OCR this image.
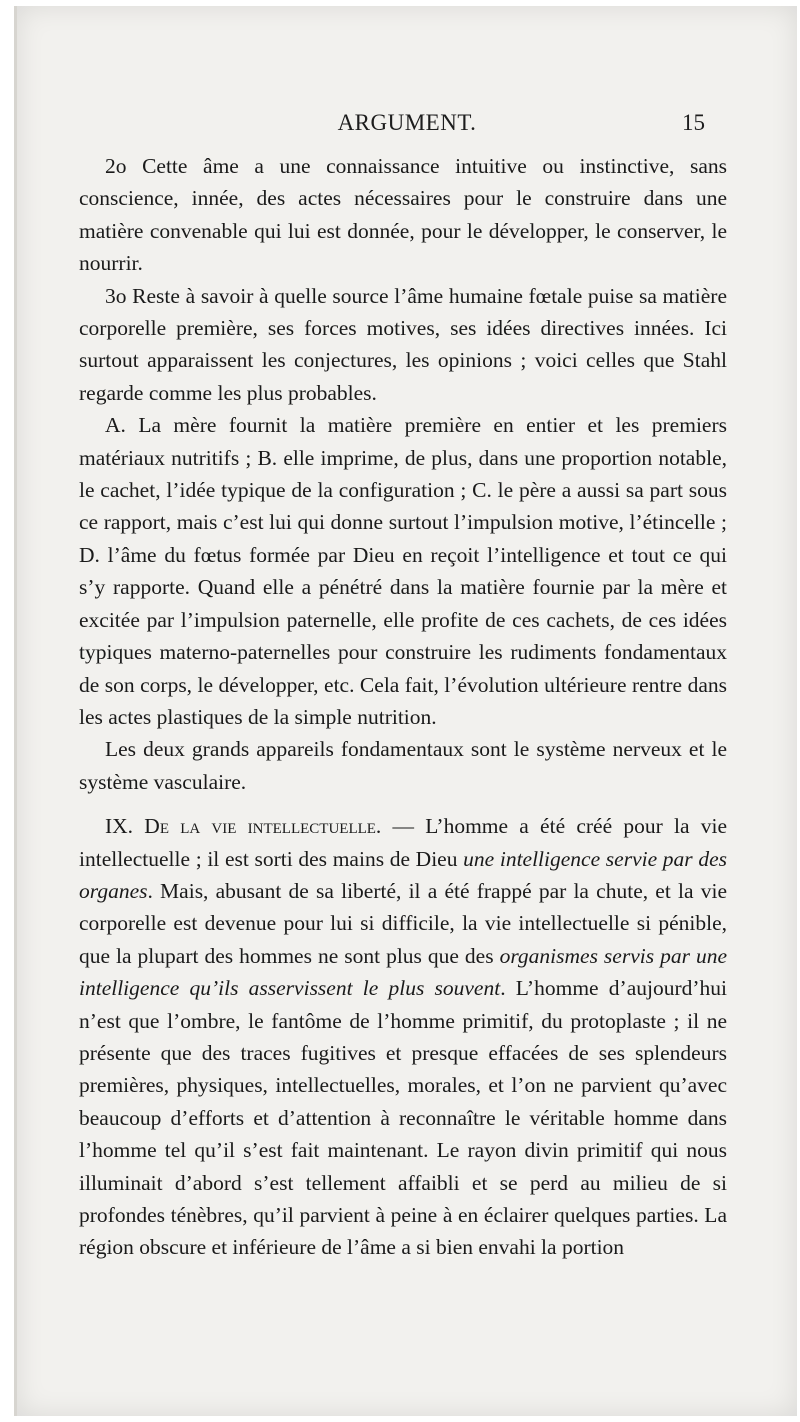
ARGUMENT.	15

2o Cette âme a une connaissance intuitive ou instinctive, sans conscience, innée, des actes nécessaires pour le construire dans une matière convenable qui lui est donnée, pour le développer, le conserver, le nourrir.

3o Reste à savoir à quelle source l’âme humaine fœtale puise sa matière corporelle première, ses forces motives, ses idées directives innées. Ici surtout apparaissent les conjectures, les opinions ; voici celles que Stahl regarde comme les plus probables.

A. La mère fournit la matière première en entier et les premiers matériaux nutritifs ; B. elle imprime, de plus, dans une proportion notable, le cachet, l’idée typique de la configuration ; C. le père a aussi sa part sous ce rapport, mais c’est lui qui donne surtout l’impulsion motive, l’étincelle ; D. l’âme du fœtus formée par Dieu en reçoit l’intelligence et tout ce qui s’y rapporte. Quand elle a pénétré dans la matière fournie par la mère et excitée par l’impulsion paternelle, elle profite de ces cachets, de ces idées typiques materno-paternelles pour construire les rudiments fondamentaux de son corps, le développer, etc. Cela fait, l’évolution ultérieure rentre dans les actes plastiques de la simple nutrition.

Les deux grands appareils fondamentaux sont le système nerveux et le système vasculaire.

IX. De la vie intellectuelle. — L’homme a été créé pour la vie intellectuelle ; il est sorti des mains de Dieu une intelligence servie par des organes. Mais, abusant de sa liberté, il a été frappé par la chute, et la vie corporelle est devenue pour lui si difficile, la vie intellectuelle si pénible, que la plupart des hommes ne sont plus que des organismes servis par une intelligence qu’ils asservissent le plus souvent. L’homme d’aujourd’hui n’est que l’ombre, le fantôme de l’homme primitif, du protoplaste ; il ne présente que des traces fugitives et presque effacées de ses splendeurs premières, physiques, intellectuelles, morales, et l’on ne parvient qu’avec beaucoup d’efforts et d’attention à reconnaître le véritable homme dans l’homme tel qu’il s’est fait maintenant. Le rayon divin primitif qui nous illuminait d’abord s’est tellement affaibli et se perd au milieu de si profondes ténèbres, qu’il parvient à peine à en éclairer quelques parties. La région obscure et inférieure de l’âme a si bien envahi la portion
